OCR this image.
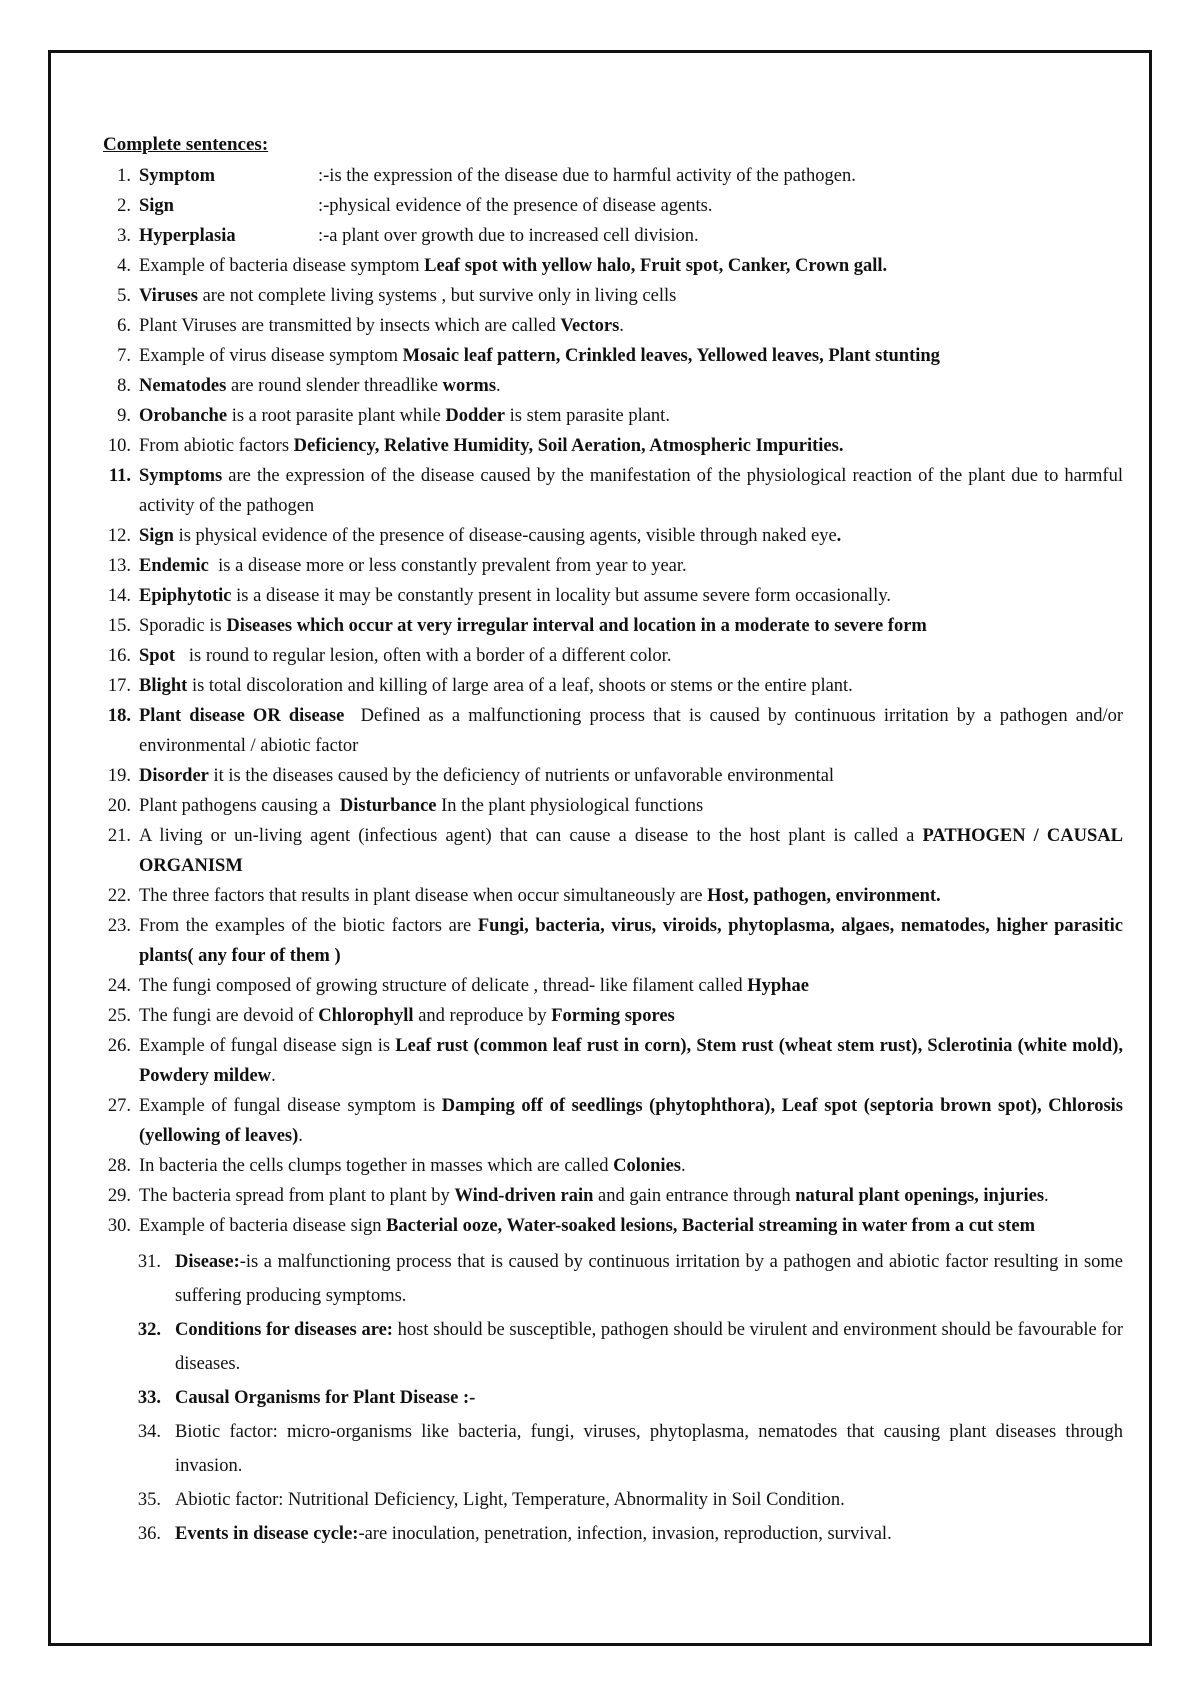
Complete sentences:
1. Symptom	:-is the expression of the disease due to harmful activity of the pathogen.
2. Sign	:-physical evidence of the presence of disease agents.
3. Hyperplasia	:-a plant over growth due to increased cell division.
4. Example of bacteria disease symptom Leaf spot with yellow halo, Fruit spot, Canker, Crown gall.
5. Viruses are not complete living systems , but survive only in living cells
6. Plant Viruses are transmitted by insects which are called Vectors.
7. Example of virus disease symptom Mosaic leaf pattern, Crinkled leaves, Yellowed leaves, Plant stunting
8. Nematodes are round slender threadlike worms.
9. Orobanche is a root parasite plant while Dodder is stem parasite plant.
10. From abiotic factors Deficiency, Relative Humidity, Soil Aeration, Atmospheric Impurities.
11. Symptoms are the expression of the disease caused by the manifestation of the physiological reaction of the plant due to harmful activity of the pathogen
12. Sign is physical evidence of the presence of disease-causing agents, visible through naked eye.
13. Endemic  is a disease more or less constantly prevalent from year to year.
14. Epiphytotic is a disease it may be constantly present in locality but assume severe form occasionally.
15. Sporadic is Diseases which occur at very irregular interval and location in a moderate to severe form
16. Spot   is round to regular lesion, often with a border of a different color.
17. Blight is total discoloration and killing of large area of a leaf, shoots or stems or the entire plant.
18. Plant disease OR disease  Defined as a malfunctioning process that is caused by continuous irritation by a pathogen and/or environmental / abiotic factor
19. Disorder it is the diseases caused by the deficiency of nutrients or unfavorable environmental
20. Plant pathogens causing a  Disturbance In the plant physiological functions
21. A living or un-living agent (infectious agent) that can cause a disease to the host plant is called a PATHOGEN / CAUSAL ORGANISM
22. The three factors that results in plant disease when occur simultaneously are Host, pathogen, environment.
23. From the examples of the biotic factors are Fungi, bacteria, virus, viroids, phytoplasma, algaes, nematodes, higher parasitic plants( any four of them )
24. The fungi composed of growing structure of delicate , thread- like filament called Hyphae
25. The fungi are devoid of Chlorophyll and reproduce by Forming spores
26. Example of fungal disease sign is Leaf rust (common leaf rust in corn), Stem rust (wheat stem rust), Sclerotinia (white mold), Powdery mildew.
27. Example of fungal disease symptom is Damping off of seedlings (phytophthora), Leaf spot (septoria brown spot), Chlorosis (yellowing of leaves).
28. In bacteria the cells clumps together in masses which are called Colonies.
29. The bacteria spread from plant to plant by Wind-driven rain and gain entrance through natural plant openings, injuries.
30. Example of bacteria disease sign Bacterial ooze, Water-soaked lesions, Bacterial streaming in water from a cut stem
31. Disease:-is a malfunctioning process that is caused by continuous irritation by a pathogen and abiotic factor resulting in some suffering producing symptoms.
32. Conditions for diseases are: host should be susceptible, pathogen should be virulent and environment should be favourable for diseases.
33. Causal Organisms for Plant Disease :-
34. Biotic factor: micro-organisms like bacteria, fungi, viruses, phytoplasma, nematodes that causing plant diseases through invasion.
35. Abiotic factor: Nutritional Deficiency, Light, Temperature, Abnormality in Soil Condition.
36. Events in disease cycle:-are inoculation, penetration, infection, invasion, reproduction, survival.
